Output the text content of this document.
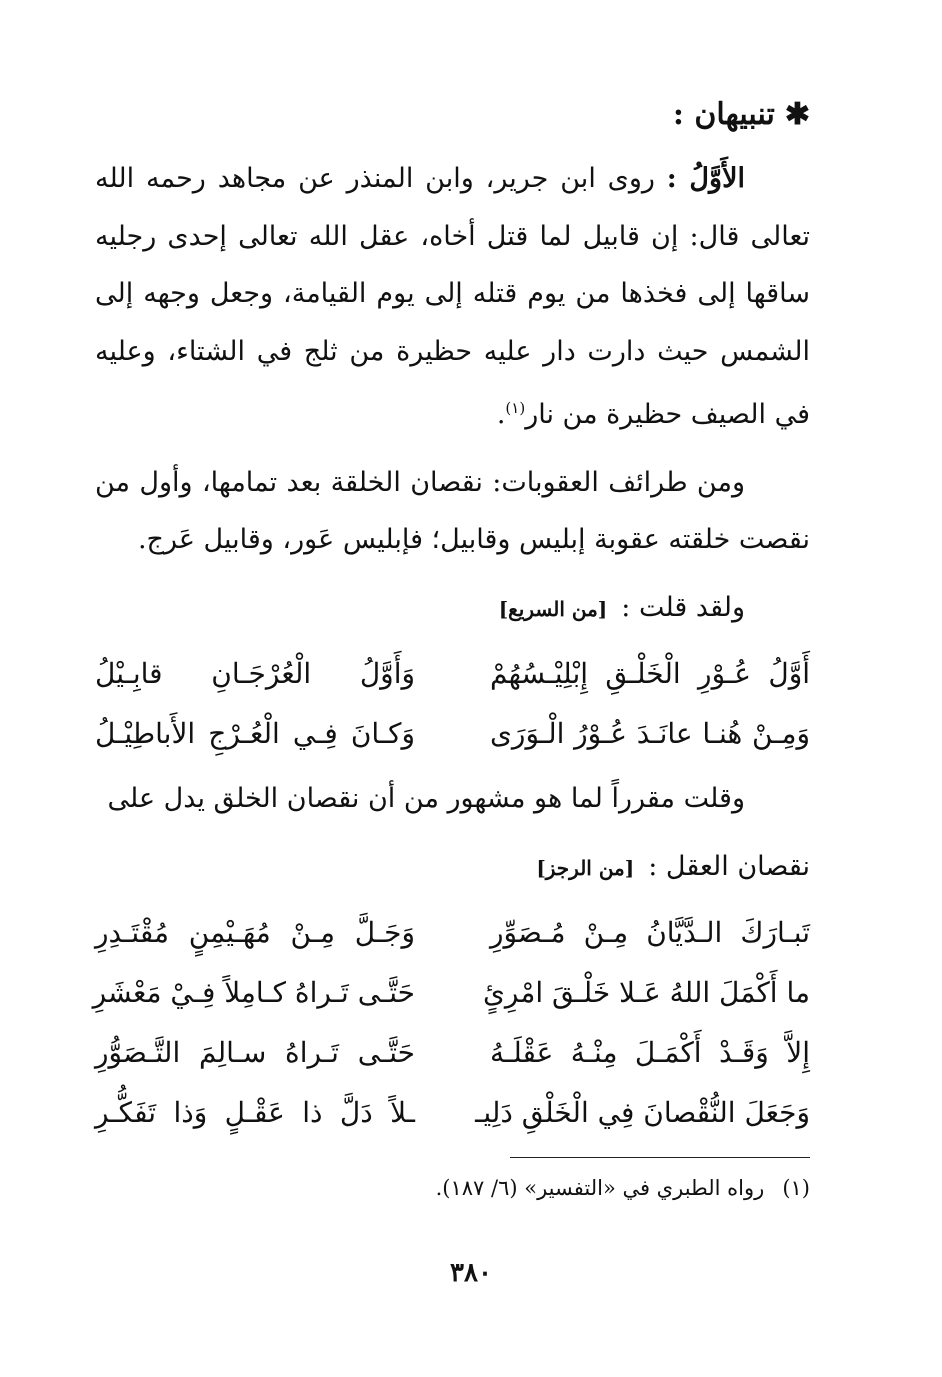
✱تنبيهان :

الأَوَّلُ : روى ابن جرير، وابن المنذر عن مجاهد رحمه الله تعالى قال: إن قابيل لما قتل أخاه، عقل الله تعالى إحدى رجليه ساقها إلى فخذها من يوم قتله إلى يوم القيامة، وجعل وجهه إلى الشمس حيث دارت دار عليه حظيرة من ثلج في الشتاء، وعليه في الصيف حظيرة من نار$^{(١)}$.

ومن طرائف العقوبات: نقصان الخلقة بعد تمامها، وأول من نقصت خلقته عقوبة إبليس وقابيل؛ فإبليس عَور، وقابيل عَرج.

ولقد قلت :[من السريع]

أَوَّلُ عُـوْرِ الْخَلْـقِ إِبْلِيْـسُهُمْ
وَأَوَّلُ الْعُرْجَـانِ قابِـيْلُ
وَمِـنْ هُنـا عانَـدَ عُـوْرُ الْـوَرَى
وَكـانَ فِـي الْعُـرْجِ الأَباطِيْـلُ

وقلت مقرراً لما هو مشهور من أن نقصان الخلق يدل على

نقصان العقل :[من الرجز]

تَبـارَكَ الـدَّيَّانُ مِـنْ مُـصَوِّرِ
وَجَـلَّ مِـنْ مُهَـيْمِنٍ مُقْتَـدِرِ
ما أَكْمَلَ اللهُ عَـلا خَلْـقَ امْرِئٍ
حَتَّـى تَـراهُ كـامِلاً فِـيْ مَعْشَرِ
إِلاَّ وَقَـدْ أَكْمَـلَ مِنْـهُ عَقْلَـهُ
حَتَّـى تَـراهُ سـالِمَ التَّـصَوُّرِ
وَجَعَلَ النُّقْصانَ فِي الْخَلْقِ دَلِيـ
ـلاً دَلَّ ذا عَقْـلٍ وَذا تَفَكُّـرِ
(١)رواه الطبري في «التفسير» (٦/ ١٨٧).
٣٨٠
